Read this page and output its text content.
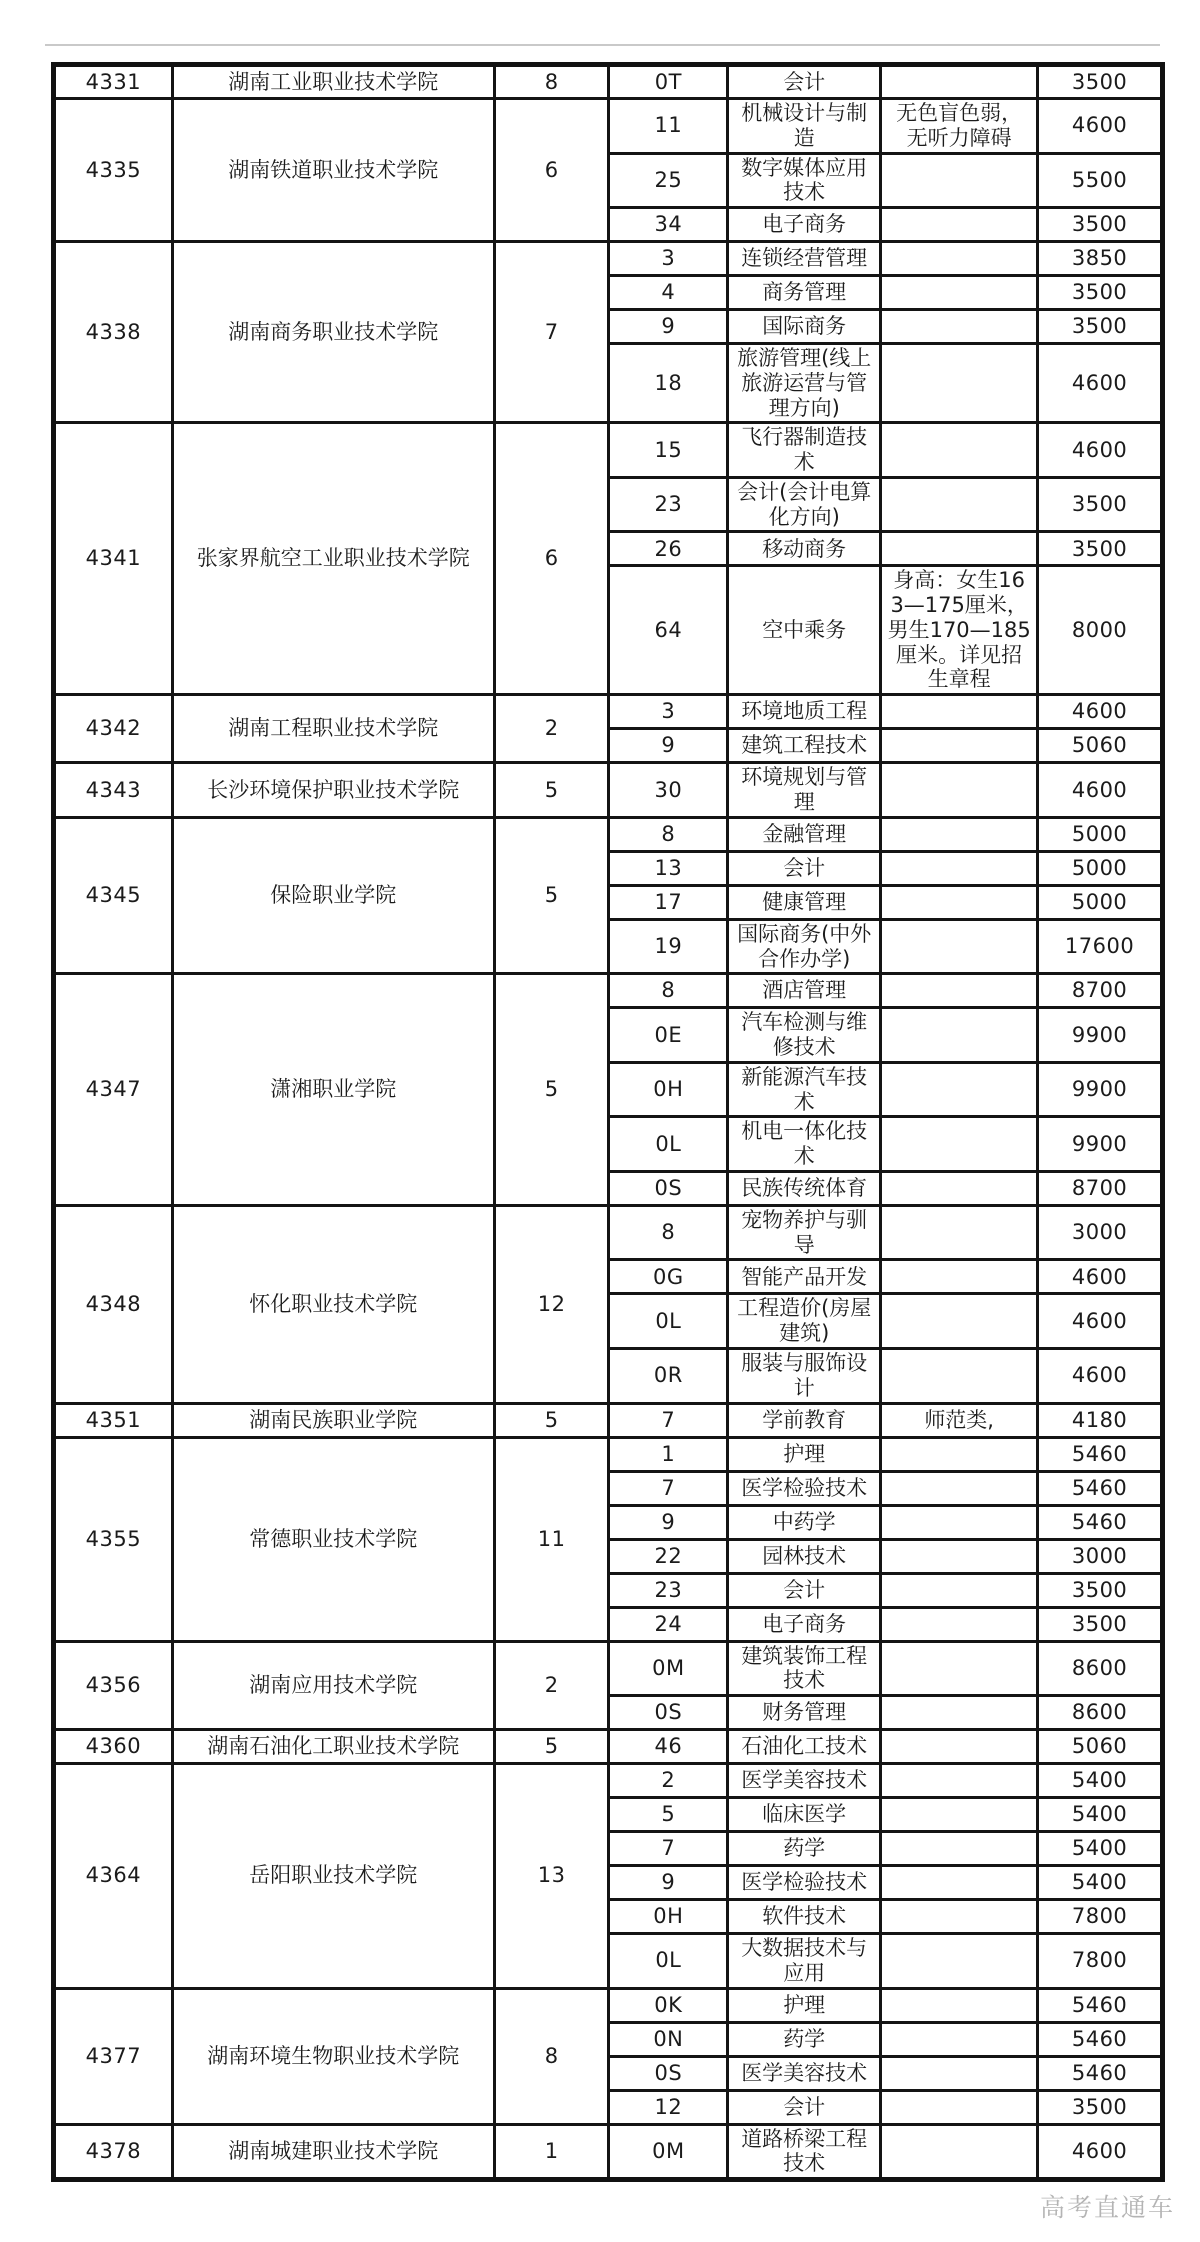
4331	湖南工业职业技术学院	8	0T	会计		3500
4335	湖南铁道职业技术学院	6	11	机械设计与制造	无色盲色弱，无听力障碍	4600
			25	数字媒体应用技术		5500
			34	电子商务		3500
4338	湖南商务职业技术学院	7	3	连锁经营管理		3850
			4	商务管理		3500
			9	国际商务		3500
			18	旅游管理(线上旅游运营与管理方向)		4600
4341	张家界航空工业职业技术学院	6	15	飞行器制造技术		4600
			23	会计(会计电算化方向)		3500
			26	移动商务		3500
			64	空中乘务	身高：女生163—175厘米，男生170—185厘米。详见招生章程	8000
4342	湖南工程职业技术学院	2	3	环境地质工程		4600
			9	建筑工程技术		5060
4343	长沙环境保护职业技术学院	5	30	环境规划与管理		4600
4345	保险职业学院	5	8	金融管理		5000
			13	会计		5000
			17	健康管理		5000
			19	国际商务(中外合作办学)		17600
4347	潇湘职业学院	5	8	酒店管理		8700
			0E	汽车检测与维修技术		9900
			0H	新能源汽车技术		9900
			0L	机电一体化技术		9900
			0S	民族传统体育		8700
4348	怀化职业技术学院	12	8	宠物养护与驯导		3000
			0G	智能产品开发		4600
			0L	工程造价(房屋建筑)		4600
			0R	服装与服饰设计		4600
4351	湖南民族职业学院	5	7	学前教育	师范类,	4180
4355	常德职业技术学院	11	1	护理		5460
			7	医学检验技术		5460
			9	中药学		5460
			22	园林技术		3000
			23	会计		3500
			24	电子商务		3500
4356	湖南应用技术学院	2	0M	建筑装饰工程技术		8600
			0S	财务管理		8600
4360	湖南石油化工职业技术学院	5	46	石油化工技术		5060
4364	岳阳职业技术学院	13	2	医学美容技术		5400
			5	临床医学		5400
			7	药学		5400
			9	医学检验技术		5400
			0H	软件技术		7800
			0L	大数据技术与应用		7800
4377	湖南环境生物职业技术学院	8	0K	护理		5460
			0N	药学		5460
			0S	医学美容技术		5460
			12	会计		3500
4378	湖南城建职业技术学院	1	0M	道路桥梁工程技术		4600
高考直通车
